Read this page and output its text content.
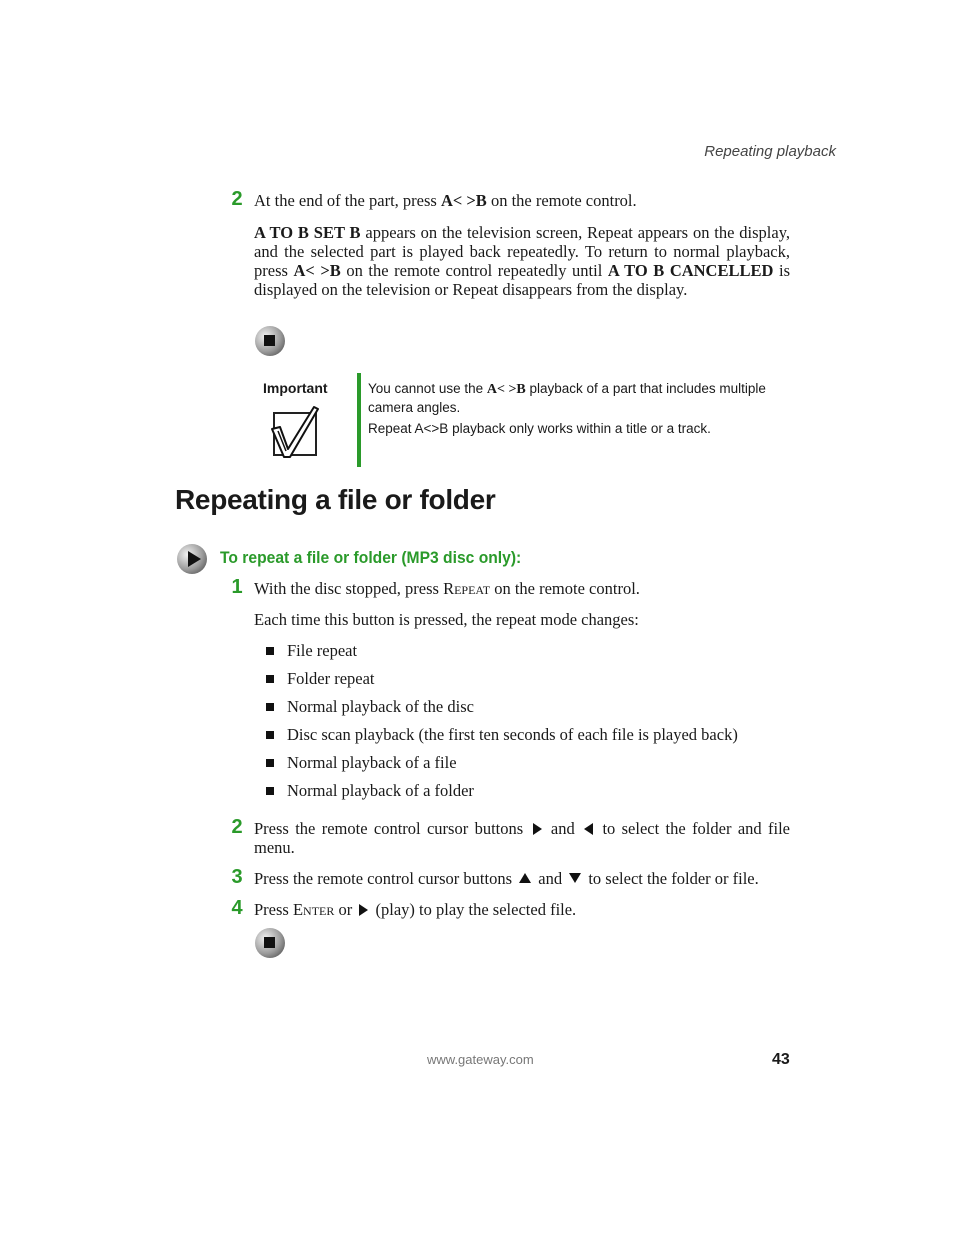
Repeating playback
2 At the end of the part, press A< >B on the remote control.
A TO B SET B appears on the television screen, Repeat appears on the display, and the selected part is played back repeatedly. To return to normal playback, press A< >B on the remote control repeatedly until A TO B CANCELLED is displayed on the television or Repeat disappears from the display.
Important	You cannot use the A< >B playback of a part that includes multiple camera angles.
Repeat A<>B playback only works within a title or a track.
Repeating a file or folder
To repeat a file or folder (MP3 disc only):
1 With the disc stopped, press Repeat on the remote control.
Each time this button is pressed, the repeat mode changes:
File repeat
Folder repeat
Normal playback of the disc
Disc scan playback (the first ten seconds of each file is played back)
Normal playback of a file
Normal playback of a folder
2 Press the remote control cursor buttons  and  to select the folder and file menu.
3 Press the remote control cursor buttons  and  to select the folder or file.
4 Press Enter or  (play) to play the selected file.
www.gateway.com	43
